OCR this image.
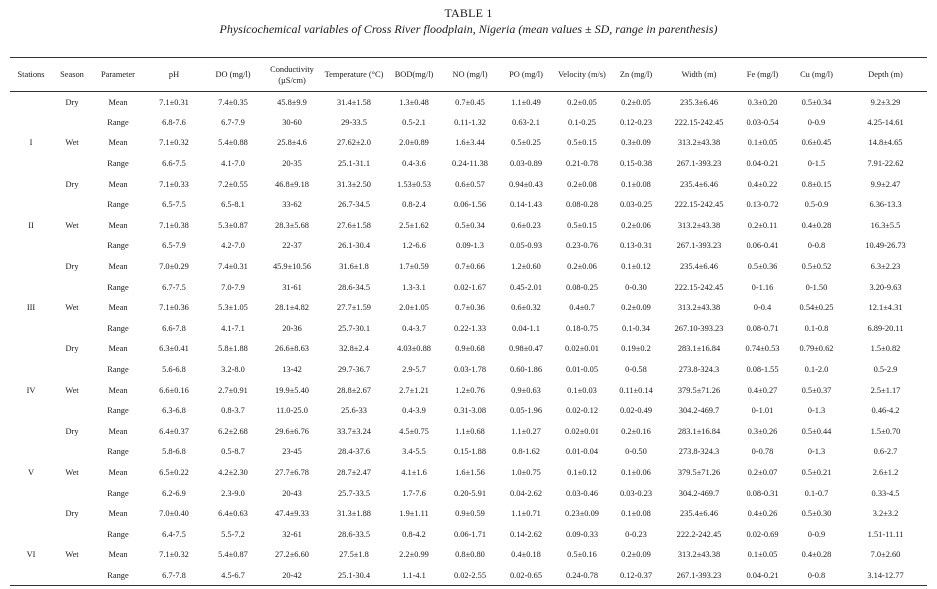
TABLE 1
Physicochemical variables of Cross River floodplain, Nigeria (mean values ± SD, range in parenthesis)
Stations	Season	Parameter	pH	DO (mg/l)	Conductivity (µS/cm)	Temperature (°C)	BOD(mg/l)	NO (mg/l)	PO (mg/l)	Velocity (m/s)	Zn (mg/l)	Width (m)	Fe (mg/l)	Cu (mg/l)	Depth (m)
	Dry	Mean	7.1±0.31	7.4±0.35	45.8±9.9	31.4±1.58	1.3±0.48	0.7±0.45	1.1±0.49	0.2±0.05	0.2±0.05	235.3±6.46	0.3±0.20	0.5±0.34	9.2±3.29
		Range	6.8-7.6	6.7-7.9	30-60	29-33.5	0.5-2.1	0.11-1.32	0.63-2.1	0.1-0.25	0.12-0.23	222.15-242.45	0.03-0.54	0-0.9	4.25-14.61
I	Wet	Mean	7.1±0.32	5.4±0.88	25.8±4.6	27.62±2.0	2.0±0.89	1.6±3.44	0.5±0.25	0.5±0.15	0.3±0.09	313.2±43.38	0.1±0.05	0.6±0.45	14.8±4.65
		Range	6.6-7.5	4.1-7.0	20-35	25.1-31.1	0.4-3.6	0.24-11.38	0.03-0.89	0.21-0.78	0.15-0.38	267.1-393.23	0.04-0.21	0-1.5	7.91-22.62
	Dry	Mean	7.1±0.33	7.2±0.55	46.8±9.18	31.3±2.50	1.53±0.53	0.6±0.57	0.94±0.43	0.2±0.08	0.1±0.08	235.4±6.46	0.4±0.22	0.8±0.15	9.9±2.47
		Range	6.5-7.5	6.5-8.1	33-62	26.7-34.5	0.8-2.4	0.06-1.56	0.14-1.43	0.08-0.28	0.03-0.25	222.15-242.45	0.13-0.72	0.5-0.9	6.36-13.3
II	Wet	Mean	7.1±0.38	5.3±0.87	28.3±5.68	27.6±1.58	2.5±1.62	0.5±0.34	0.6±0.23	0.5±0.15	0.2±0.06	313.2±43.38	0.2±0.11	0.4±0.28	16.3±5.5
		Range	6.5-7.9	4.2-7.0	22-37	26.1-30.4	1.2-6.6	0.09-1.3	0.05-0.93	0.23-0.76	0.13-0.31	267.1-393.23	0.06-0.41	0-0.8	10.49-26.73
	Dry	Mean	7.0±0.29	7.4±0.31	45.9±10.56	31.6±1.8	1.7±0.59	0.7±0.66	1.2±0.60	0.2±0.06	0.1±0.12	235.4±6.46	0.5±0.36	0.5±0.52	6.3±2.23
		Range	6.7-7.5	7.0-7.9	31-61	28.6-34.5	1.3-3.1	0.02-1.67	0.45-2.01	0.08-0.25	0-0.30	222.15-242.45	0-1.16	0-1.50	3.20-9.63
III	Wet	Mean	7.1±0.36	5.3±1.05	28.1±4.82	27.7±1.59	2.0±1.05	0.7±0.36	0.6±0.32	0.4±0.7	0.2±0.09	313.2±43.38	0-0.4	0.54±0.25	12.1±4.31
		Range	6.6-7.8	4.1-7.1	20-36	25.7-30.1	0.4-3.7	0.22-1.33	0.04-1.1	0.18-0.75	0.1-0.34	267.10-393.23	0.08-0.71	0.1-0.8	6.89-20.11
	Dry	Mean	6.3±0.41	5.8±1.88	26.6±8.63	32.8±2.4	4.03±0.88	0.9±0.68	0.98±0.47	0.02±0.01	0.19±0.2	283.1±16.84	0.74±0.53	0.79±0.62	1.5±0.82
		Range	5.6-6.8	3.2-8.0	13-42	29.7-36.7	2.9-5.7	0.03-1.78	0.60-1.86	0.01-0.05	0-0.58	273.8-324.3	0.08-1.55	0.1-2.0	0.5-2.9
IV	Wet	Mean	6.6±0.16	2.7±0.91	19.9±5.40	28.8±2.67	2.7±1.21	1.2±0.76	0.9±0.63	0.1±0.03	0.11±0.14	379.5±71.26	0.4±0.27	0.5±0.37	2.5±1.17
		Range	6.3-6.8	0.8-3.7	11.0-25.0	25.6-33	0.4-3.9	0.31-3.08	0.05-1.96	0.02-0.12	0.02-0.49	304.2-469.7	0-1.01	0-1.3	0.46-4.2
	Dry	Mean	6.4±0.37	6.2±2.68	29.6±6.76	33.7±3.24	4.5±0.75	1.1±0.68	1.1±0.27	0.02±0.01	0.2±0.16	283.1±16.84	0.3±0.26	0.5±0.44	1.5±0.70
		Range	5.8-6.8	0.5-8.7	23-45	28.4-37.6	3.4-5.5	0.15-1.88	0.8-1.62	0.01-0.04	0-0.50	273.8-324.3	0-0.78	0-1.3	0.6-2.7
V	Wet	Mean	6.5±0.22	4.2±2.30	27.7±6.78	28.7±2.47	4.1±1.6	1.6±1.56	1.0±0.75	0.1±0.12	0.1±0.06	379.5±71.26	0.2±0.07	0.5±0.21	2.6±1.2
		Range	6.2-6.9	2.3-9.0	20-43	25.7-33.5	1.7-7.6	0.20-5.91	0.04-2.62	0.03-0.46	0.03-0.23	304.2-469.7	0.08-0.31	0.1-0.7	0.33-4.5
	Dry	Mean	7.0±0.40	6.4±0.63	47.4±9.33	31.3±1.88	1.9±1.11	0.9±0.59	1.1±0.71	0.23±0.09	0.1±0.08	235.4±6.46	0.4±0.26	0.5±0.30	3.2±3.2
		Range	6.4-7.5	5.5-7.2	32-61	28.6-33.5	0.8-4.2	0.06-1.71	0.14-2.62	0.09-0.33	0-0.23	222.2-242.45	0.02-0.69	0-0.9	1.51-11.11
VI	Wet	Mean	7.1±0.32	5.4±0.87	27.2±6.60	27.5±1.8	2.2±0.99	0.8±0.80	0.4±0.18	0.5±0.16	0.2±0.09	313.2±43.38	0.1±0.05	0.4±0.28	7.0±2.60
		Range	6.7-7.8	4.5-6.7	20-42	25.1-30.4	1.1-4.1	0.02-2.55	0.02-0.65	0.24-0.78	0.12-0.37	267.1-393.23	0.04-0.21	0-0.8	3.14-12.77
